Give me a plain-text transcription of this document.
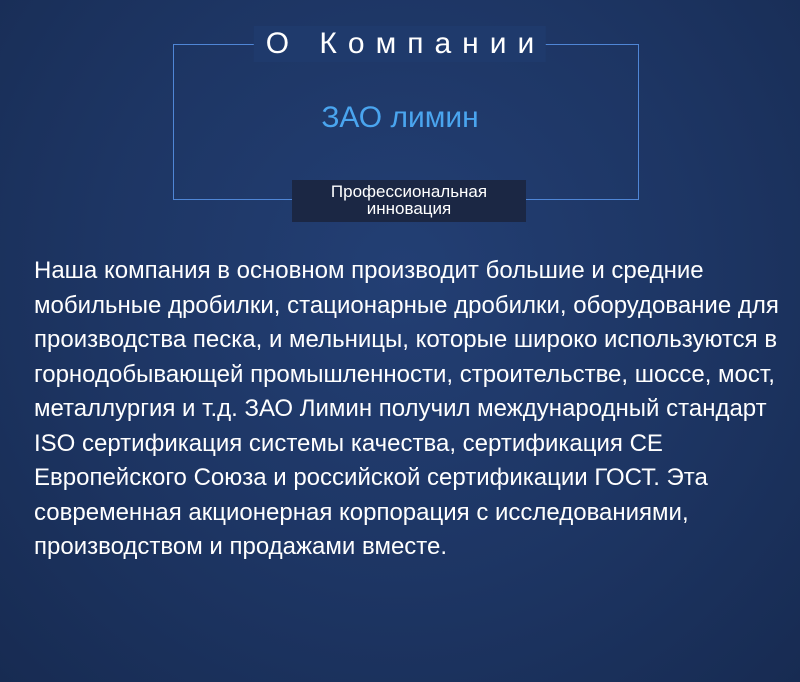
О Компании
ЗАО лимин
Профессиональная
инновация

Наша компания в основном производит большие и средние мобильные дробилки, стационарные дробилки, оборудование для производства песка, и мельницы, которые широко используются в горнодобывающей промышленности, строительстве, шоссе, мост, металлургия и т.д. ЗАО Лимин получил международный стандарт ISO сертификация системы качества, сертификация CE Европейского Союза и российской сертификации ГОСТ. Эта современная акционерная корпорация с исследованиями, производством и продажами вместе.
